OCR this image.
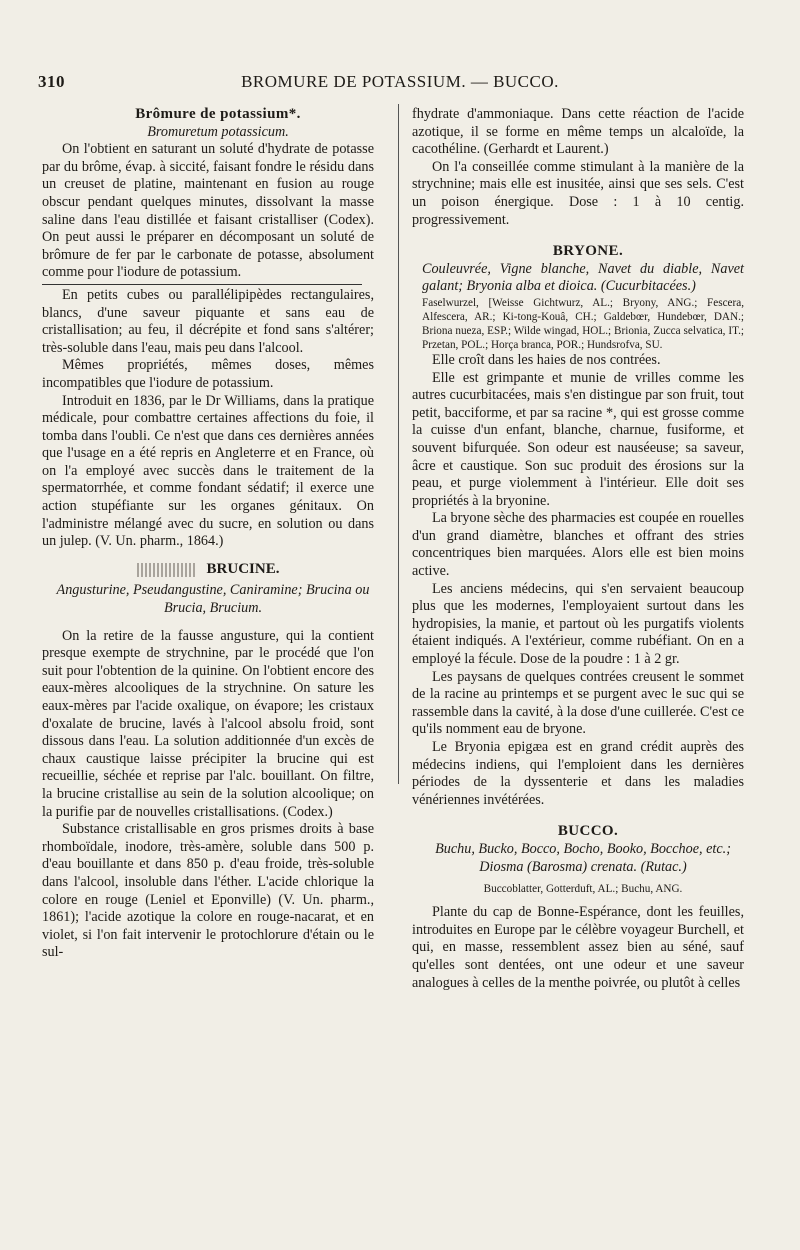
310	BROMURE DE POTASSIUM. — BUCCO.

Brômure de potassium*.

Bromuretum potassicum.

On l'obtient en saturant un soluté d'hydrate de potasse par du brôme, évap. à siccité, faisant fondre le résidu dans un creuset de platine, maintenant en fusion au rouge obscur pendant quelques minutes, dissolvant la masse saline dans l'eau distillée et faisant cristalliser (Codex). On peut aussi le préparer en décomposant un soluté de brômure de fer par le carbonate de potasse, absolument comme pour l'iodure de potassium.

En petits cubes ou parallélipipèdes rectangulaires, blancs, d'une saveur piquante et sans eau de cristallisation; au feu, il décrépite et fond sans s'altérer; très-soluble dans l'eau, mais peu dans l'alcool.

Mêmes propriétés, mêmes doses, mêmes incompatibles que l'iodure de potassium.

Introduit en 1836, par le Dr Williams, dans la pratique médicale, pour combattre certaines affections du foie, il tomba dans l'oubli. Ce n'est que dans ces dernières années que l'usage en a été repris en Angleterre et en France, où on l'a employé avec succès dans le traitement de la spermatorrhée, et comme fondant sédatif; il exerce une action stupéfiante sur les organes génitaux. On l'administre mélangé avec du sucre, en solution ou dans un julep. (V. Un. pharm., 1864.)

BRUCINE.

Angusturine, Pseudangustine, Caniramine; Brucina ou Brucia, Brucium.

On la retire de la fausse angusture, qui la contient presque exempte de strychnine, par le procédé que l'on suit pour l'obtention de la quinine. On l'obtient encore des eaux-mères alcooliques de la strychnine. On sature les eaux-mères par l'acide oxalique, on évapore; les cristaux d'oxalate de brucine, lavés à l'alcool absolu froid, sont dissous dans l'eau. La solution additionnée d'un excès de chaux caustique laisse précipiter la brucine qui est recueillie, séchée et reprise par l'alc. bouillant. On filtre, la brucine cristallise au sein de la solution alcoolique; on la purifie par de nouvelles cristallisations. (Codex.)

Substance cristallisable en gros prismes droits à base rhomboïdale, inodore, très-amère, soluble dans 500 p. d'eau bouillante et dans 850 p. d'eau froide, très-soluble dans l'alcool, insoluble dans l'éther. L'acide chlorique la colore en rouge (Leniel et Eponville) (V. Un. pharm., 1861); l'acide azotique la colore en rouge-nacarat, et en violet, si l'on fait intervenir le protochlorure d'étain ou le sul-

fhydrate d'ammoniaque. Dans cette réaction de l'acide azotique, il se forme en même temps un alcaloïde, la cacothéline. (Gerhardt et Laurent.)

On l'a conseillée comme stimulant à la manière de la strychnine; mais elle est inusitée, ainsi que ses sels. C'est un poison énergique. Dose : 1 à 10 centig. progressivement.

BRYONE.

Couleuvrée, Vigne blanche, Navet du diable, Navet galant; Bryonia alba et dioica. (Cucurbitacées.)

Faselwurzel, [Weisse Gichtwurz, AL.; Bryony, ANG.; Fescera, Alfescera, AR.; Ki-tong-Kouâ, CH.; Galdebœr, Hundebœr, DAN.; Briona nueza, ESP.; Wilde wingad, HOL.; Brionia, Zucca selvatica, IT.; Przetan, POL.; Horça branca, POR.; Hundsrofva, SU.

Elle croît dans les haies de nos contrées.

Elle est grimpante et munie de vrilles comme les autres cucurbitacées, mais s'en distingue par son fruit, tout petit, bacciforme, et par sa racine *, qui est grosse comme la cuisse d'un enfant, blanche, charnue, fusiforme, et souvent bifurquée. Son odeur est nauséeuse; sa saveur, âcre et caustique. Son suc produit des érosions sur la peau, et purge violemment à l'intérieur. Elle doit ses propriétés à la bryonine.

La bryone sèche des pharmacies est coupée en rouelles d'un grand diamètre, blanches et offrant des stries concentriques bien marquées. Alors elle est bien moins active.

Les anciens médecins, qui s'en servaient beaucoup plus que les modernes, l'employaient surtout dans les hydropisies, la manie, et partout où les purgatifs violents étaient indiqués. A l'extérieur, comme rubéfiant. On en a employé la fécule. Dose de la poudre : 1 à 2 gr.

Les paysans de quelques contrées creusent le sommet de la racine au printemps et se purgent avec le suc qui se rassemble dans la cavité, à la dose d'une cuillerée. C'est ce qu'ils nomment eau de bryone.

Le Bryonia epigæa est en grand crédit auprès des médecins indiens, qui l'emploient dans les dernières périodes de la dyssenterie et dans les maladies vénériennes invétérées.

BUCCO.

Buchu, Bucko, Bocco, Bocho, Booko, Bocchoe, etc.; Diosma (Barosma) crenata. (Rutac.)

Buccoblatter, Gotterduft, AL.; Buchu, ANG.

Plante du cap de Bonne-Espérance, dont les feuilles, introduites en Europe par le célèbre voyageur Burchell, et qui, en masse, ressemblent assez bien au séné, sauf qu'elles sont dentées, ont une odeur et une saveur analogues à celles de la menthe poivrée, ou plutôt à celles
